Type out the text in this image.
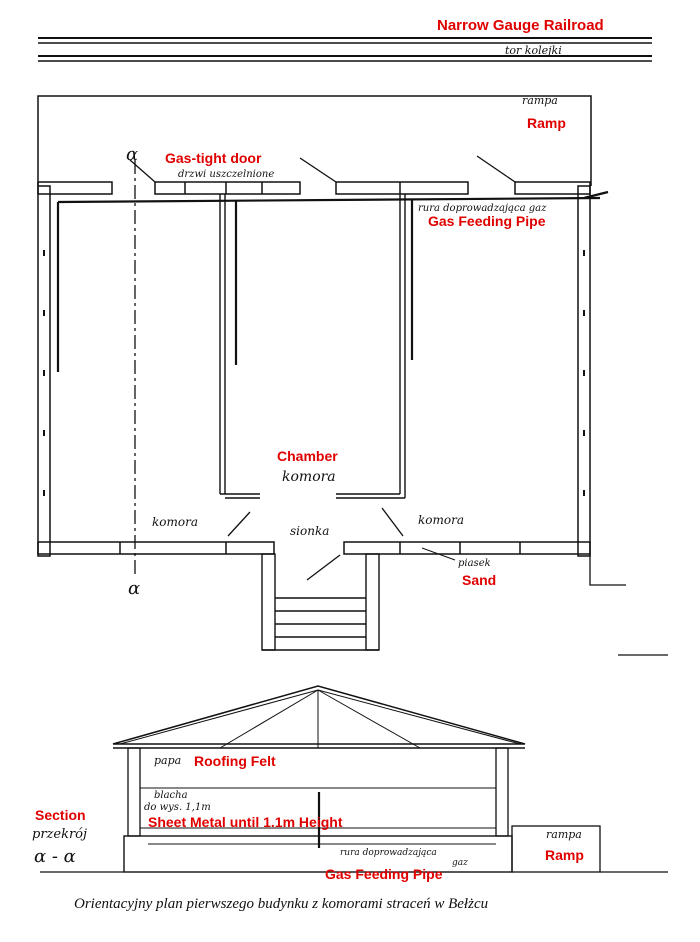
Narrow Gauge Railroad
tor kolejki
rampa
Ramp
Gas-tight door
drzwi uszczelnione
rura doprowadzająca gaz
Gas Feeding Pipe
α
α
Chamber
komora
komora	komora
sionka
piasek
Sand
papa Roofing Felt
blacha
do wys. 1,1m
Sheet Metal until 1.1m Height
Section
przekrój
α - α
rampa
Ramp
rura doprowadzająca
gaz
Gas Feeding Pipe
Orientacyjny plan pierwszego budynku z komorami straceń w Bełżcu
